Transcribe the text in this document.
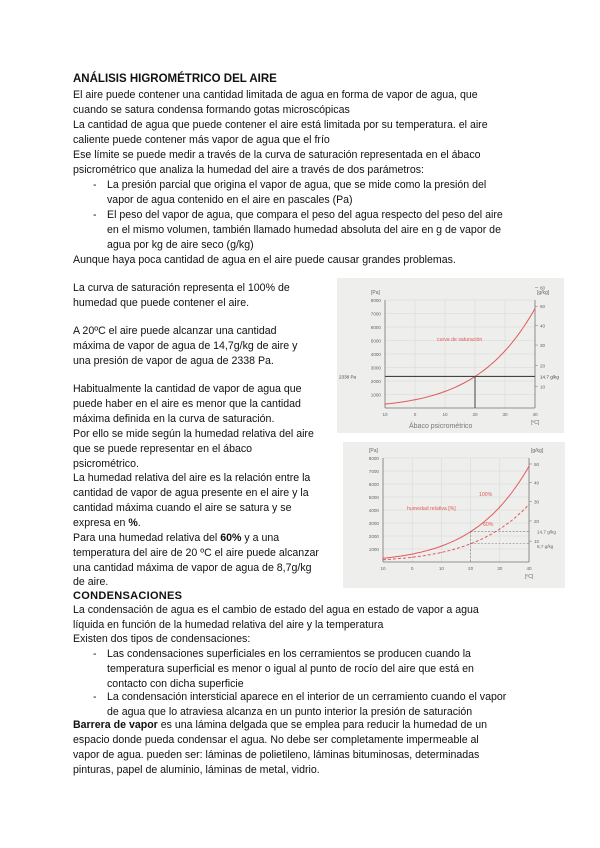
ANÁLISIS HIGROMÉTRICO DEL AIRE
El aire puede contener una cantidad limitada de agua en forma de vapor de agua, que
cuando se satura condensa formando gotas microscópicas
La cantidad de agua que puede contener el aire está limitada por su temperatura. el aire
caliente puede contener más vapor de agua que el frío
Ese límite se puede medir a través de la curva de saturación representada en el ábaco
psicrométrico que analiza la humedad del aire a través de dos parámetros:
- La presión parcial que origina el vapor de agua, que se mide como la presión del
vapor de agua contenido en el aire en pascales (Pa)
- El peso del vapor de agua, que compara el peso del agua respecto del peso del aire
en el mismo volumen, también llamado humedad absoluta del aire en g de vapor de
agua por kg de aire seco (g/kg)
Aunque haya poca cantidad de agua en el aire puede causar grandes problemas.
La curva de saturación representa el 100% de
humedad que puede contener el aire.
A 20ºC el aire puede alcanzar una cantidad
máxima de vapor de agua de 14,7g/kg de aire y
una presión de vapor de agua de 2338 Pa.
Habitualmente la cantidad de vapor de agua que
puede haber en el aire es menor que la cantidad
máxima definida en la curva de saturación.
Por ello se mide según la humedad relativa del aire
que se puede representar en el ábaco
psicrométrico.
La humedad relativa del aire es la relación entre la
cantidad de vapor de agua presente en el aire y la
cantidad máxima cuando el aire se satura y se
expresa en %.
Para una humedad relativa del 60% y a una
temperatura del aire de 20 ºC el aire puede alcanzar
una cantidad máxima de vapor de agua de 8,7g/kg
de aire.
1000
2000
3000
4000
5000
6000
7000
8000
[Pa]
10
20
30
40
50
60
[g/kg]
10	0	10	20	30	40
[ºC]
2338 Pa	14,7 g/kg
curva de saturación
Ábaco psicrométrico
1000
2000
3000
4000
5000
6000
7000
8000
[Pa]
10
20
30
40
50
[g/kg]
10	0	10	20	30	40
[ºC]
14,7 g/kg
8,7 g/kg
100%
60%
humedad relativa [%]
CONDENSACIONES
La condensación de agua es el cambio de estado del agua en estado de vapor a agua
líquida en función de la humedad relativa del aire y la temperatura
Existen dos tipos de condensaciones:
- Las condensaciones superficiales en los cerramientos se producen cuando la
temperatura superficial es menor o igual al punto de rocío del aire que está en
contacto con dicha superficie
- La condensación intersticial aparece en el interior de un cerramiento cuando el vapor
de agua que lo atraviesa alcanza en un punto interior la presión de saturación
Barrera de vapor es una lámina delgada que se emplea para reducir la humedad de un
espacio donde pueda condensar el agua. No debe ser completamente impermeable al
vapor de agua. pueden ser: láminas de polietileno, láminas bituminosas, determinadas
pinturas, papel de aluminio, láminas de metal, vidrio.
